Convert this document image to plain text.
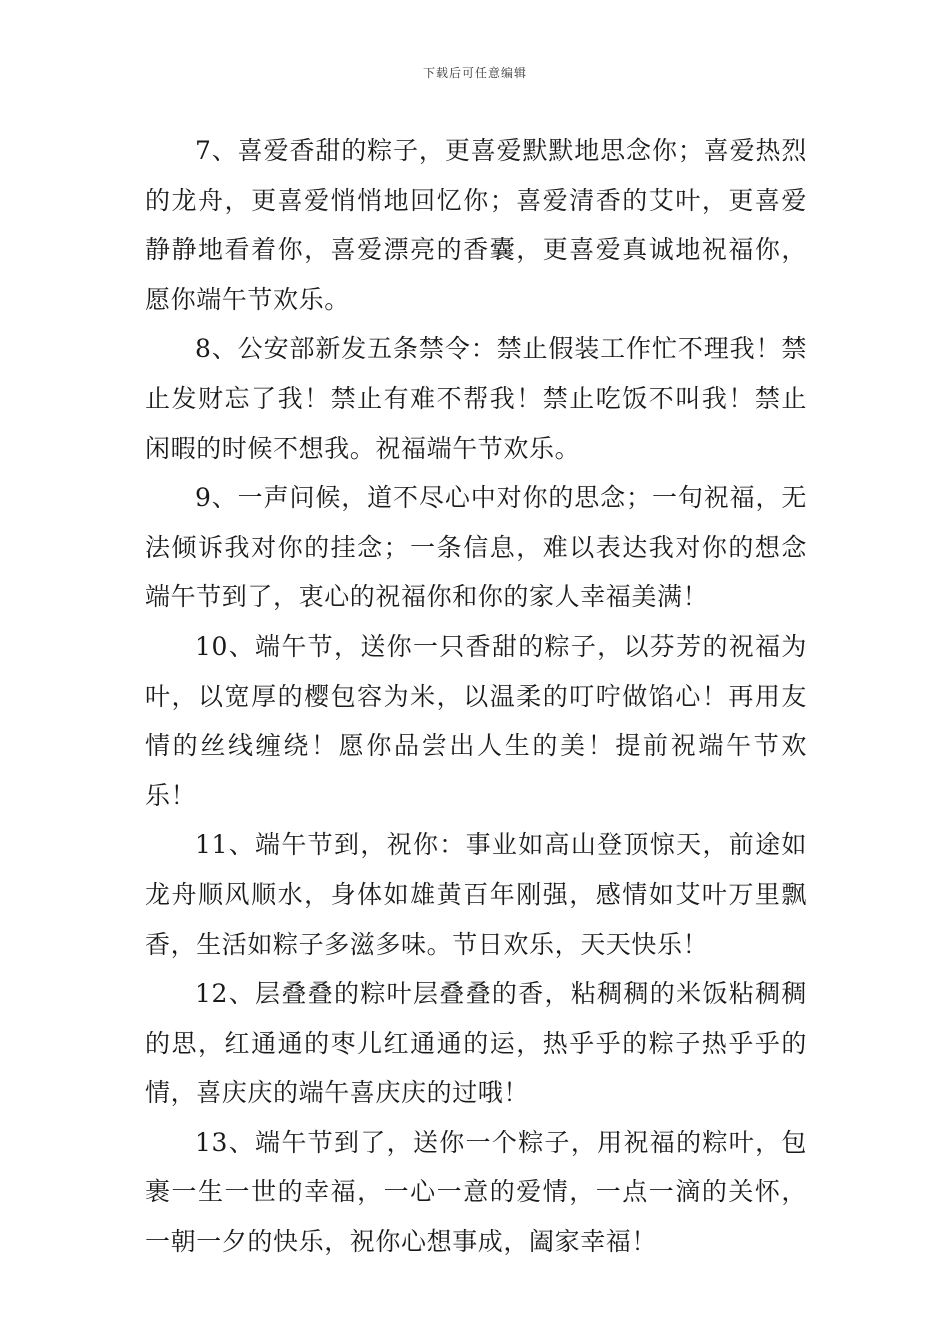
下载后可任意编辑

7、喜爱香甜的粽子，更喜爱默默地思念你；喜爱热烈的龙舟，更喜爱悄悄地回忆你；喜爱清香的艾叶，更喜爱静静地看着你，喜爱漂亮的香囊，更喜爱真诚地祝福你，愿你端午节欢乐。

8、公安部新发五条禁令：禁止假装工作忙不理我！禁止发财忘了我！禁止有难不帮我！禁止吃饭不叫我！禁止闲暇的时候不想我。祝福端午节欢乐。

9、一声问候，道不尽心中对你的思念；一句祝福，无法倾诉我对你的挂念；一条信息，难以表达我对你的想念端午节到了，衷心的祝福你和你的家人幸福美满！

10、端午节，送你一只香甜的粽子，以芬芳的祝福为叶，以宽厚的樱包容为米，以温柔的叮咛做馅心！再用友情的丝线缠绕！愿你品尝出人生的美！提前祝端午节欢乐！

11、端午节到，祝你：事业如高山登顶惊天，前途如龙舟顺风顺水，身体如雄黄百年刚强，感情如艾叶万里飘香，生活如粽子多滋多味。节日欢乐，天天快乐！

12、层叠叠的粽叶层叠叠的香，粘稠稠的米饭粘稠稠的思，红通通的枣儿红通通的运，热乎乎的粽子热乎乎的情，喜庆庆的端午喜庆庆的过哦！

13、端午节到了，送你一个粽子，用祝福的粽叶，包裹一生一世的幸福，一心一意的爱情，一点一滴的关怀，一朝一夕的快乐，祝你心想事成，阖家幸福！
